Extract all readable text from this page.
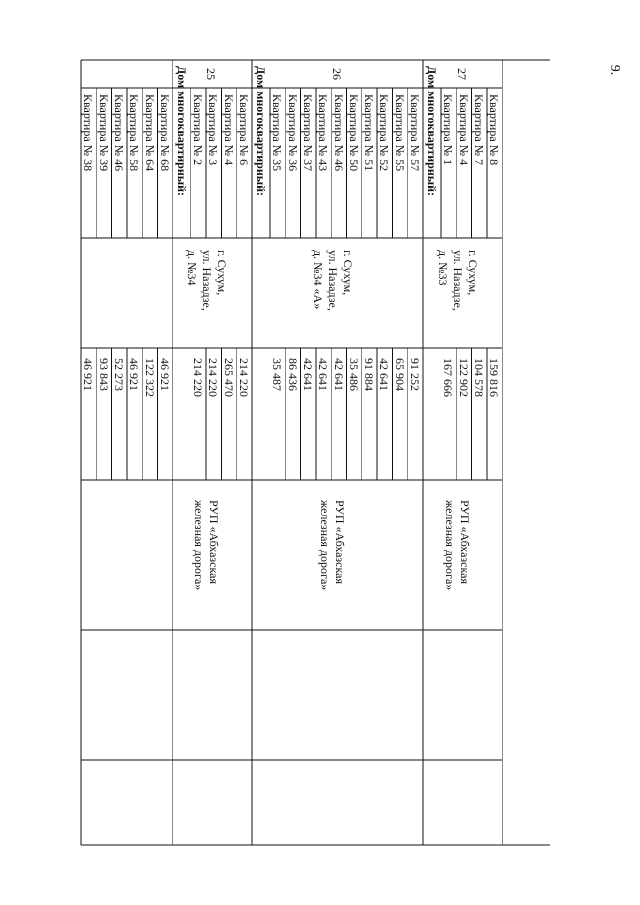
9.
Квартира № 38
46 921
Квартира № 39
93 843
Квартира № 46
52 273
Квартира № 58
46 921
Квартира № 64
122 322
Квартира № 68
46 921
Дом многоквартирный: Квартира № 2
214 220
Квартира № 3
214 220
Квартира № 4
265 470
Квартира № 6
214 220
25
г. Сухум,
ул. Назадзе,
д. №34
РУП «Абхазская
железная дорога»
Дом многоквартирный: Квартира № 35
35 487
Квартира № 36
86 436
Квартира № 37
42 641
Квартира № 43
42 641
Квартира № 46
42 641
Квартира № 50
35 486
Квартира № 51
91 884
Квартира № 52
42 641
Квартира № 55
65 904
Квартира № 57
91 252
26
г. Сухум,
ул. Назадзе,
д. №34 «А»
РУП «Абхазская
железная дорога»
Дом многоквартирный: Квартира № 1
167 666
Квартира № 4
122 902
Квартира № 7
104 578
Квартира № 8
159 816
27
г. Сухум,
ул. Назадзе,
д. №33
РУП «Абхазская
железная дорога»
